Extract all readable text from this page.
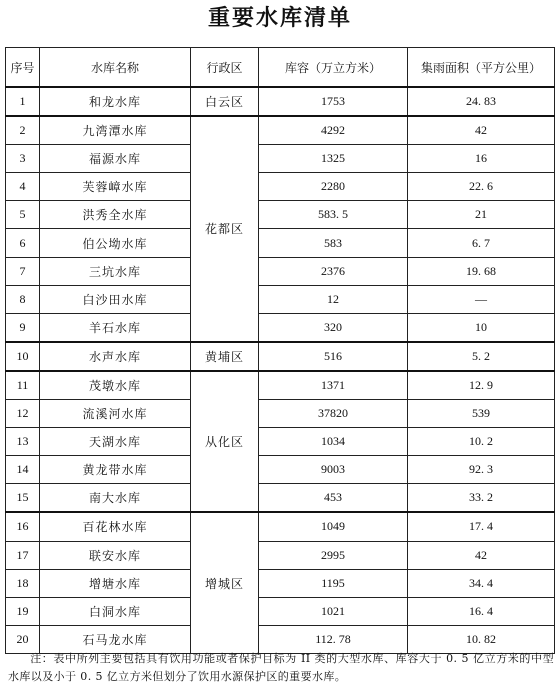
重要水库清单
序号	水库名称	行政区	库容（万立方米）	集雨面积（平方公里）
1	和龙水库	白云区	1753	24. 83
2	九湾潭水库	花都区	4292	42
3	福源水库		1325	16
4	芙蓉嶂水库		2280	22. 6
5	洪秀全水库		583. 5	21
6	伯公坳水库		583	6. 7
7	三坑水库		2376	19. 68
8	白沙田水库		12	—
9	羊石水库		320	10
10	水声水库	黄埔区	516	5. 2
11	茂墩水库	从化区	1371	12. 9
12	流溪河水库		37820	539
13	天湖水库		1034	10. 2
14	黄龙带水库		9003	92. 3
15	南大水库		453	33. 2
16	百花林水库	增城区	1049	17. 4
17	联安水库		2995	42
18	增塘水库		1195	34. 4
19	白洞水库		1021	16. 4
20	石马龙水库		112. 78	10. 82
注：表中所列主要包括具有饮用功能或者保护目标为 II 类的大型水库、库容大于 0. 5 亿立方米的中型水库以及小于 0. 5 亿立方米但划分了饮用水源保护区的重要水库。
